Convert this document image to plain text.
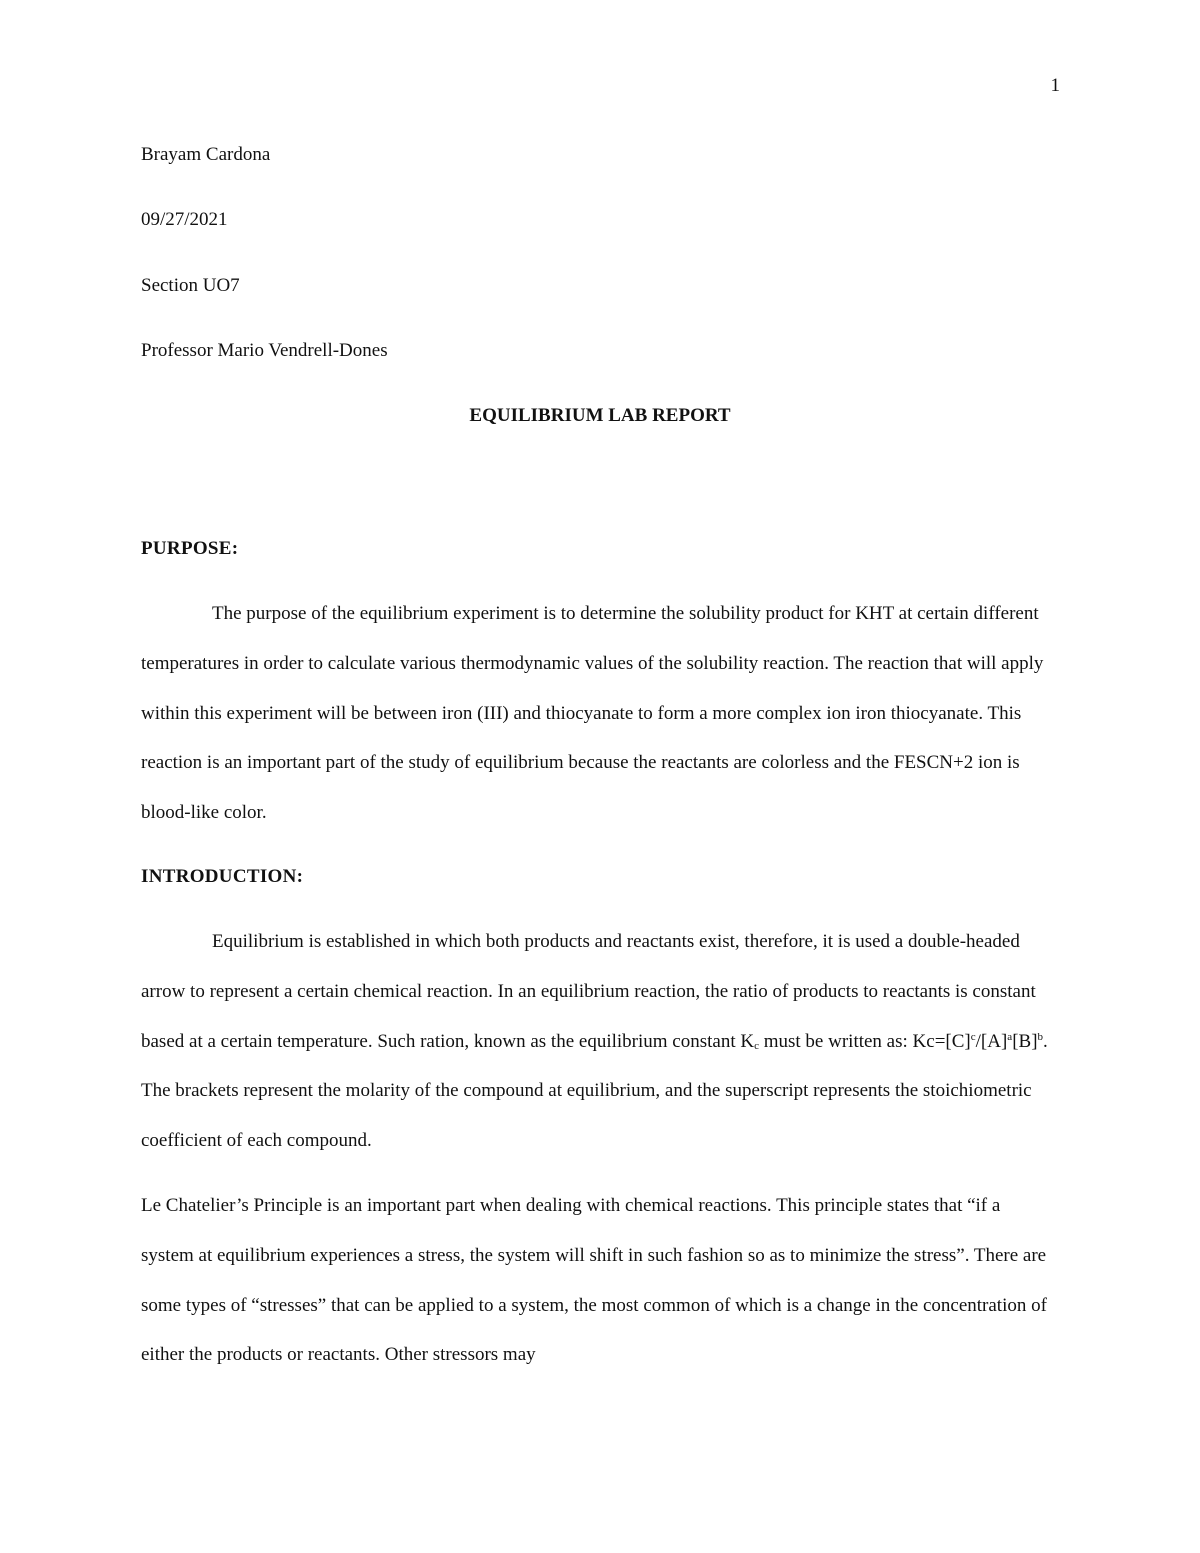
1
Brayam Cardona
09/27/2021
Section UO7
Professor Mario Vendrell-Dones
EQUILIBRIUM LAB REPORT
PURPOSE:
The purpose of the equilibrium experiment is to determine the solubility product for KHT at certain different temperatures in order to calculate various thermodynamic values of the solubility reaction. The reaction that will apply within this experiment will be between iron (III) and thiocyanate to form a more complex ion iron thiocyanate. This reaction is an important part of the study of equilibrium because the reactants are colorless and the FESCN+2 ion is blood-like color.
INTRODUCTION:
Equilibrium is established in which both products and reactants exist, therefore, it is used a double-headed arrow to represent a certain chemical reaction. In an equilibrium reaction, the ratio of products to reactants is constant based at a certain temperature. Such ration, known as the equilibrium constant $K_c$ must be written as: $Kc=[C]^c/[A]^a[B]^b$. The brackets represent the molarity of the compound at equilibrium, and the superscript represents the stoichiometric coefficient of each compound.
Le Chatelier’s Principle is an important part when dealing with chemical reactions. This principle states that “if a system at equilibrium experiences a stress, the system will shift in such fashion so as to minimize the stress”. There are some types of “stresses” that can be applied to a system, the most common of which is a change in the concentration of either the products or reactants. Other stressors may
